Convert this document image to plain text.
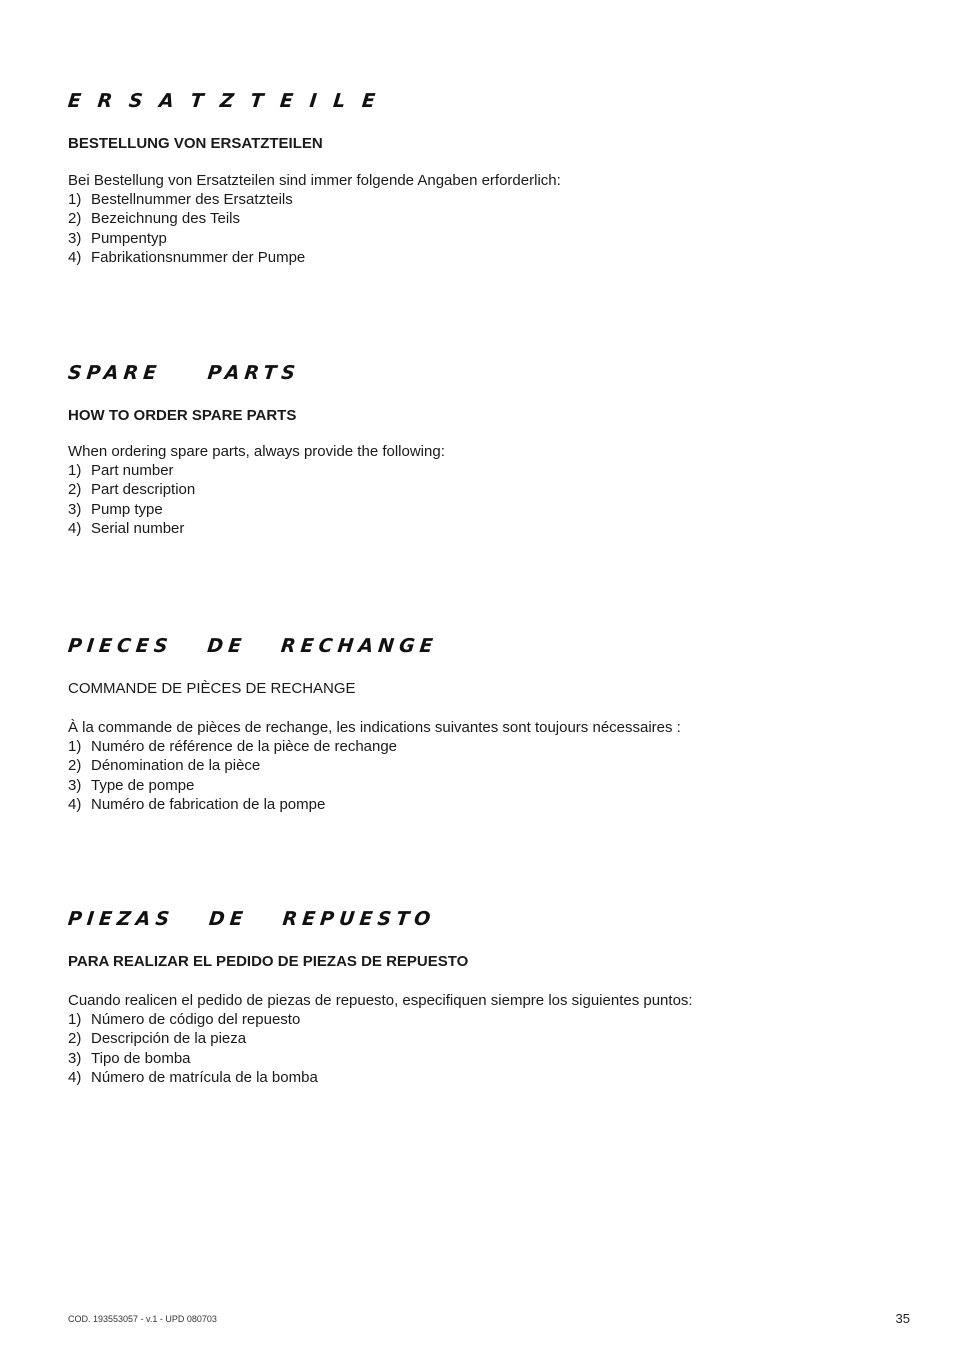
E R S A T Z T E I L E

BESTELLUNG VON ERSATZTEILEN

Bei Bestellung von Ersatzteilen sind immer folgende Angaben erforderlich:

1) Bestellnummer des Ersatzteils
2) Bezeichnung des Teils
3) Pumpentyp
4) Fabrikationsnummer der Pumpe
SPARE    PARTS

HOW TO ORDER SPARE PARTS

When ordering spare parts, always provide the following:

1) Part number
2) Part description
3) Pump type
4) Serial number
PIECES   DE   RECHANGE

COMMANDE DE PIÈCES DE RECHANGE

À la commande de pièces de rechange, les indications suivantes sont toujours nécessaires :

1) Numéro de référence de la pièce de rechange
2) Dénomination de la pièce
3) Type de pompe
4) Numéro de fabrication de la pompe
PIEZAS   DE   REPUESTO

PARA REALIZAR EL PEDIDO DE PIEZAS DE REPUESTO

Cuando realicen el pedido de piezas de repuesto, especifiquen siempre los siguientes puntos:

1) Número de código del repuesto
2) Descripción de la pieza
3) Tipo de bomba
4) Número de matrícula de la bomba
COD. 193553057 - v.1 - UPD 080703	35
